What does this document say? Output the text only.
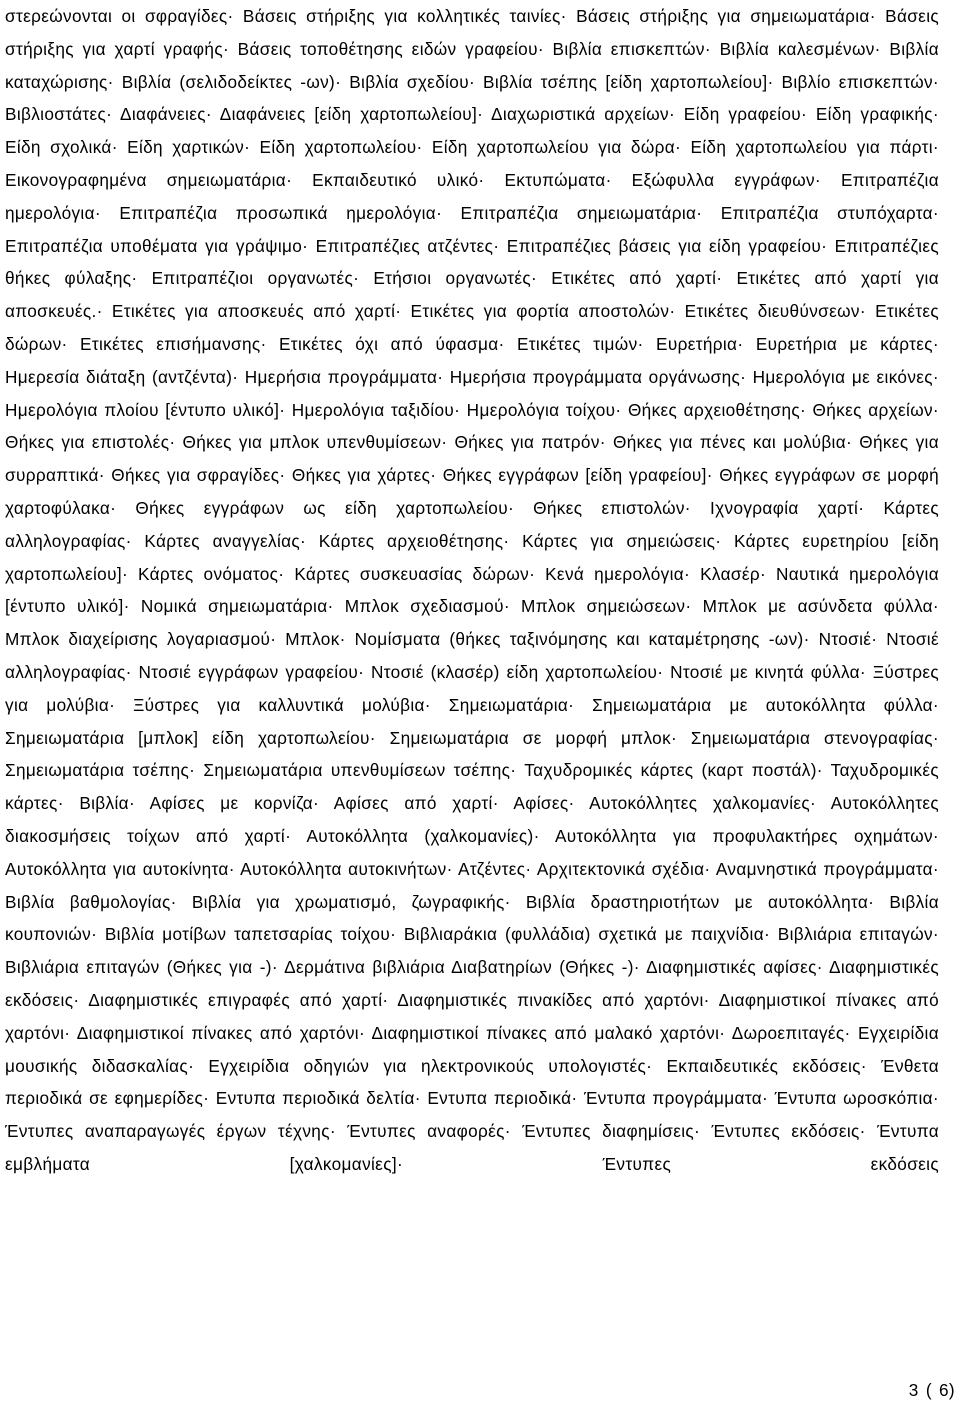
στερεώνονται οι σφραγίδες· Βάσεις στήριξης για κολλητικές ταινίες· Βάσεις στήριξης για σημειωματάρια· Βάσεις στήριξης για χαρτί γραφής· Βάσεις τοποθέτησης ειδών γραφείου· Βιβλία επισκεπτών· Βιβλία καλεσμένων· Βιβλία καταχώρισης· Βιβλία (σελιδοδείκτες -ων)· Βιβλία σχεδίου· Βιβλία τσέπης [είδη χαρτοπωλείου]· Βιβλίο επισκεπτών· Βιβλιοστάτες· Διαφάνειες· Διαφάνειες [είδη χαρτοπωλείου]· Διαχωριστικά αρχείων· Είδη γραφείου· Είδη γραφικής· Είδη σχολικά· Είδη χαρτικών· Είδη χαρτοπωλείου· Είδη χαρτοπωλείου για δώρα· Είδη χαρτοπωλείου για πάρτι· Εικονογραφημένα σημειωματάρια· Εκπαιδευτικό υλικό· Εκτυπώματα· Εξώφυλλα εγγράφων· Επιτραπέζια ημερολόγια· Επιτραπέζια προσωπικά ημερολόγια· Επιτραπέζια σημειωματάρια· Επιτραπέζια στυπόχαρτα· Επιτραπέζια υποθέματα για γράψιμο· Επιτραπέζιες ατζέντες· Επιτραπέζιες βάσεις για είδη γραφείου· Επιτραπέζιες θήκες φύλαξης· Επιτραπέζιοι οργανωτές· Ετήσιοι οργανωτές· Ετικέτες από χαρτί· Ετικέτες από χαρτί για αποσκευές.· Ετικέτες για αποσκευές από χαρτί· Ετικέτες για φορτία αποστολών· Ετικέτες διευθύνσεων· Ετικέτες δώρων· Ετικέτες επισήμανσης· Ετικέτες όχι από ύφασμα· Ετικέτες τιμών· Ευρετήρια· Ευρετήρια με κάρτες· Ημερεσία διάταξη (αντζέντα)· Ημερήσια προγράμματα· Ημερήσια προγράμματα οργάνωσης· Ημερολόγια με εικόνες· Ημερολόγια πλοίου [έντυπο υλικό]· Ημερολόγια ταξιδίου· Ημερολόγια τοίχου· Θήκες αρχειοθέτησης· Θήκες αρχείων· Θήκες για επιστολές· Θήκες για μπλοκ υπενθυμίσεων· Θήκες για πατρόν· Θήκες για πένες και μολύβια· Θήκες για συρραπτικά· Θήκες για σφραγίδες· Θήκες για χάρτες· Θήκες εγγράφων [είδη γραφείου]· Θήκες εγγράφων σε μορφή χαρτοφύλακα· Θήκες εγγράφων ως είδη χαρτοπωλείου· Θήκες επιστολών· Ιχνογραφία χαρτί· Κάρτες αλληλογραφίας· Κάρτες αναγγελίας· Κάρτες αρχειοθέτησης· Κάρτες για σημειώσεις· Κάρτες ευρετηρίου [είδη χαρτοπωλείου]· Κάρτες ονόματος· Κάρτες συσκευασίας δώρων· Κενά ημερολόγια· Κλασέρ· Ναυτικά ημερολόγια [έντυπο υλικό]· Νομικά σημειωματάρια· Μπλοκ σχεδιασμού· Μπλοκ σημειώσεων· Μπλοκ με ασύνδετα φύλλα· Μπλοκ διαχείρισης λογαριασμού· Μπλοκ· Νομίσματα (θήκες ταξινόμησης και καταμέτρησης -ων)· Ντοσιέ· Ντοσιέ αλληλογραφίας· Ντοσιέ εγγράφων γραφείου· Ντοσιέ (κλασέρ) είδη χαρτοπωλείου· Ντοσιέ με κινητά φύλλα· Ξύστρες για μολύβια· Ξύστρες για καλλυντικά μολύβια· Σημειωματάρια· Σημειωματάρια με αυτοκόλλητα φύλλα· Σημειωματάρια [μπλοκ] είδη χαρτοπωλείου· Σημειωματάρια σε μορφή μπλοκ· Σημειωματάρια στενογραφίας· Σημειωματάρια τσέπης· Σημειωματάρια υπενθυμίσεων τσέπης· Ταχυδρομικές κάρτες (καρτ ποστάλ)· Ταχυδρομικές κάρτες· Βιβλία· Αφίσες με κορνίζα· Αφίσες από χαρτί· Αφίσες· Αυτοκόλλητες χαλκομανίες· Αυτοκόλλητες διακοσμήσεις τοίχων από χαρτί· Αυτοκόλλητα (χαλκομανίες)· Αυτοκόλλητα για προφυλακτήρες οχημάτων· Αυτοκόλλητα για αυτοκίνητα· Αυτοκόλλητα αυτοκινήτων· Ατζέντες· Αρχιτεκτονικά σχέδια· Αναμνηστικά προγράμματα· Βιβλία βαθμολογίας· Βιβλία για χρωματισμό, ζωγραφικής· Βιβλία δραστηριοτήτων με αυτοκόλλητα· Βιβλία κουπονιών· Βιβλία μοτίβων ταπετσαρίας τοίχου· Βιβλιαράκια (φυλλάδια) σχετικά με παιχνίδια· Βιβλιάρια επιταγών· Βιβλιάρια επιταγών (Θήκες για -)· Δερμάτινα βιβλιάρια Διαβατηρίων (Θήκες -)· Διαφημιστικές αφίσες· Διαφημιστικές εκδόσεις· Διαφημιστικές επιγραφές από χαρτί· Διαφημιστικές πινακίδες από χαρτόνι· Διαφημιστικοί πίνακες από χαρτόνι· Διαφημιστικοί πίνακες από χαρτόνι· Διαφημιστικοί πίνακες από μαλακό χαρτόνι· Δωροεπιταγές· Εγχειρίδια μουσικής διδασκαλίας· Εγχειρίδια οδηγιών για ηλεκτρονικούς υπολογιστές· Εκπαιδευτικές εκδόσεις· Ένθετα περιοδικά σε εφημερίδες· Εντυπα περιοδικά δελτία· Εντυπα περιοδικά· Έντυπα προγράμματα· Έντυπα ωροσκόπια· Έντυπες αναπαραγωγές έργων τέχνης· Έντυπες αναφορές· Έντυπες διαφημίσεις· Έντυπες εκδόσεις· Έντυπα εμβλήματα [χαλκομανίες]· Έντυπες εκδόσεις

3 ( 6)
